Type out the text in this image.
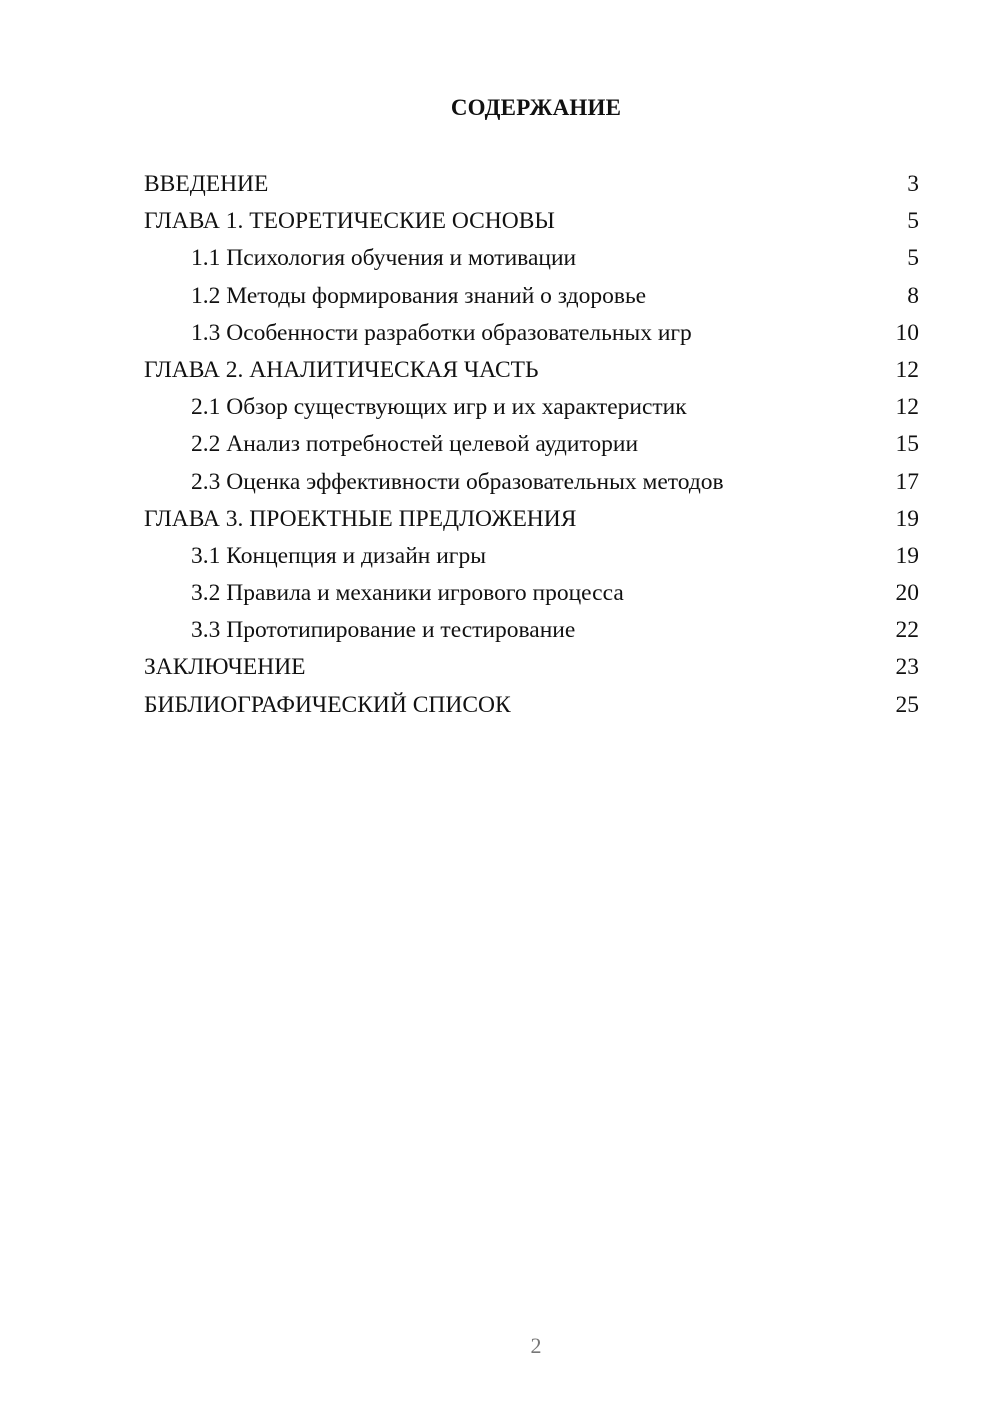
СОДЕРЖАНИЕ
ВВЕДЕНИЕ	3
ГЛАВА 1. ТЕОРЕТИЧЕСКИЕ ОСНОВЫ	5
1.1 Психология обучения и мотивации	5
1.2 Методы формирования знаний о здоровье	8
1.3 Особенности разработки образовательных игр	10
ГЛАВА 2. АНАЛИТИЧЕСКАЯ ЧАСТЬ	12
2.1 Обзор существующих игр и их характеристик	12
2.2 Анализ потребностей целевой аудитории	15
2.3 Оценка эффективности образовательных методов	17
ГЛАВА 3. ПРОЕКТНЫЕ ПРЕДЛОЖЕНИЯ	19
3.1 Концепция и дизайн игры	19
3.2 Правила и механики игрового процесса	20
3.3 Прототипирование и тестирование	22
ЗАКЛЮЧЕНИЕ	23
БИБЛИОГРАФИЧЕСКИЙ СПИСОК	25
2
